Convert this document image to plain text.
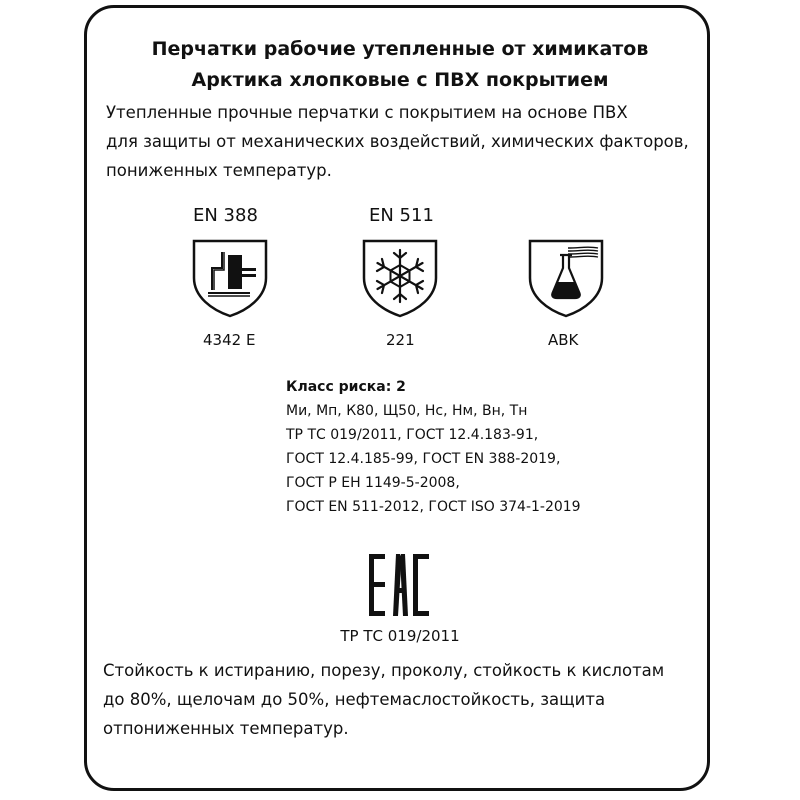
Перчатки рабочие утепленные от химикатов
Арктика хлопковые с ПВХ покрытием
Утепленные прочные перчатки с покрытием на основе ПВХ
для защиты от механических воздействий, химических факторов,
пониженных температур.
EN 388
4342 E
EN 511
221	ABK
Класс риска: 2
Ми, Мп, К80, Щ50, Нс, Нм, Вн, Тн
ТР ТС 019/2011, ГОСТ 12.4.183-91,
ГОСТ 12.4.185-99, ГОСТ EN 388-2019,
ГОСТ Р ЕН 1149-5-2008,
ГОСТ EN 511-2012, ГОСТ ISO 374-1-2019
ТР ТС 019/2011
Стойкость к истиранию, порезу, проколу, стойкость к кислотам
до 80%, щелочам до 50%, нефтемаслостойкость, защита
отпониженных температур.
